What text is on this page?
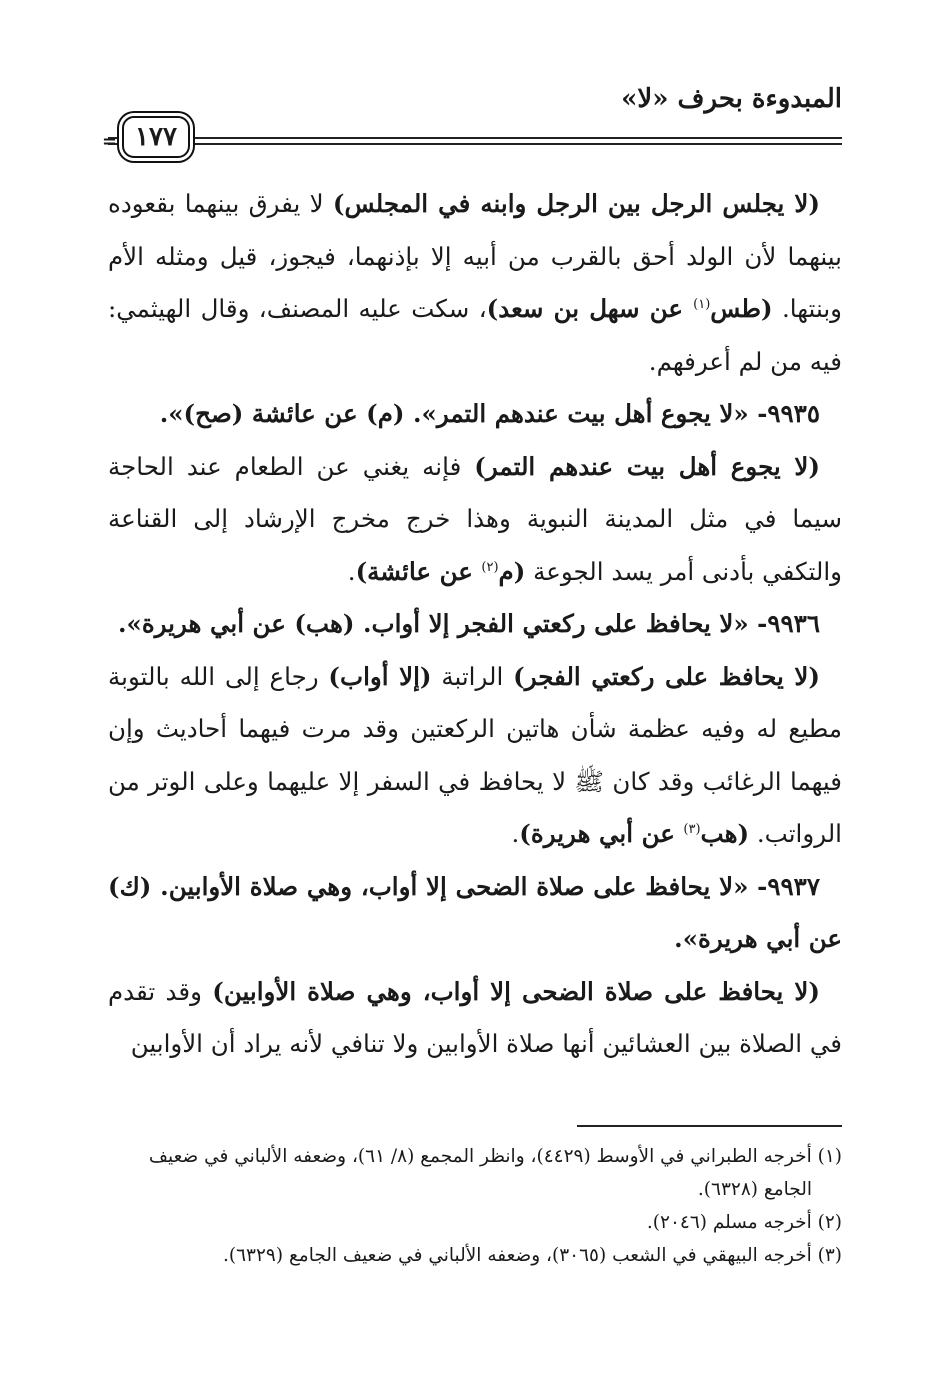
المبدوءة بحرف «لا»
= ١٧٧

(لا يجلس الرجل بين الرجل وابنه في المجلس) لا يفرق بينهما بقعوده بينهما لأن الولد أحق بالقرب من أبيه إلا بإذنهما، فيجوز، قيل ومثله الأم وبنتها. (طس$^{(١)}$ عن سهل بن سعد)، سكت عليه المصنف، وقال الهيثمي: فيه من لم أعرفهم.

٩٩٣٥- «لا يجوع أهل بيت عندهم التمر». (م) عن عائشة (صح)».

(لا يجوع أهل بيت عندهم التمر) فإنه يغني عن الطعام عند الحاجة سيما في مثل المدينة النبوية وهذا خرج مخرج الإرشاد إلى القناعة والتكفي بأدنى أمر يسد الجوعة (م$^{(٢)}$ عن عائشة).

٩٩٣٦- «لا يحافظ على ركعتي الفجر إلا أواب. (هب) عن أبي هريرة».

(لا يحافظ على ركعتي الفجر) الراتبة (إلا أواب) رجاع إلى الله بالتوبة مطيع له وفيه عظمة شأن هاتين الركعتين وقد مرت فيهما أحاديث وإن فيهما الرغائب وقد كان ﷺ لا يحافظ في السفر إلا عليهما وعلى الوتر من الرواتب. (هب$^{(٣)}$ عن أبي هريرة).

٩٩٣٧- «لا يحافظ على صلاة الضحى إلا أواب، وهي صلاة الأوابين. (ك) عن أبي هريرة».

(لا يحافظ على صلاة الضحى إلا أواب، وهي صلاة الأوابين) وقد تقدم في الصلاة بين العشائين أنها صلاة الأوابين ولا تنافي لأنه يراد أن الأوابين

(١) أخرجه الطبراني في الأوسط (٤٤٢٩)، وانظر المجمع (٨/ ٦١)، وضعفه الألباني في ضعيف

الجامع (٦٣٢٨).

(٢) أخرجه مسلم (٢٠٤٦).

(٣) أخرجه البيهقي في الشعب (٣٠٦٥)، وضعفه الألباني في ضعيف الجامع (٦٣٢٩).
